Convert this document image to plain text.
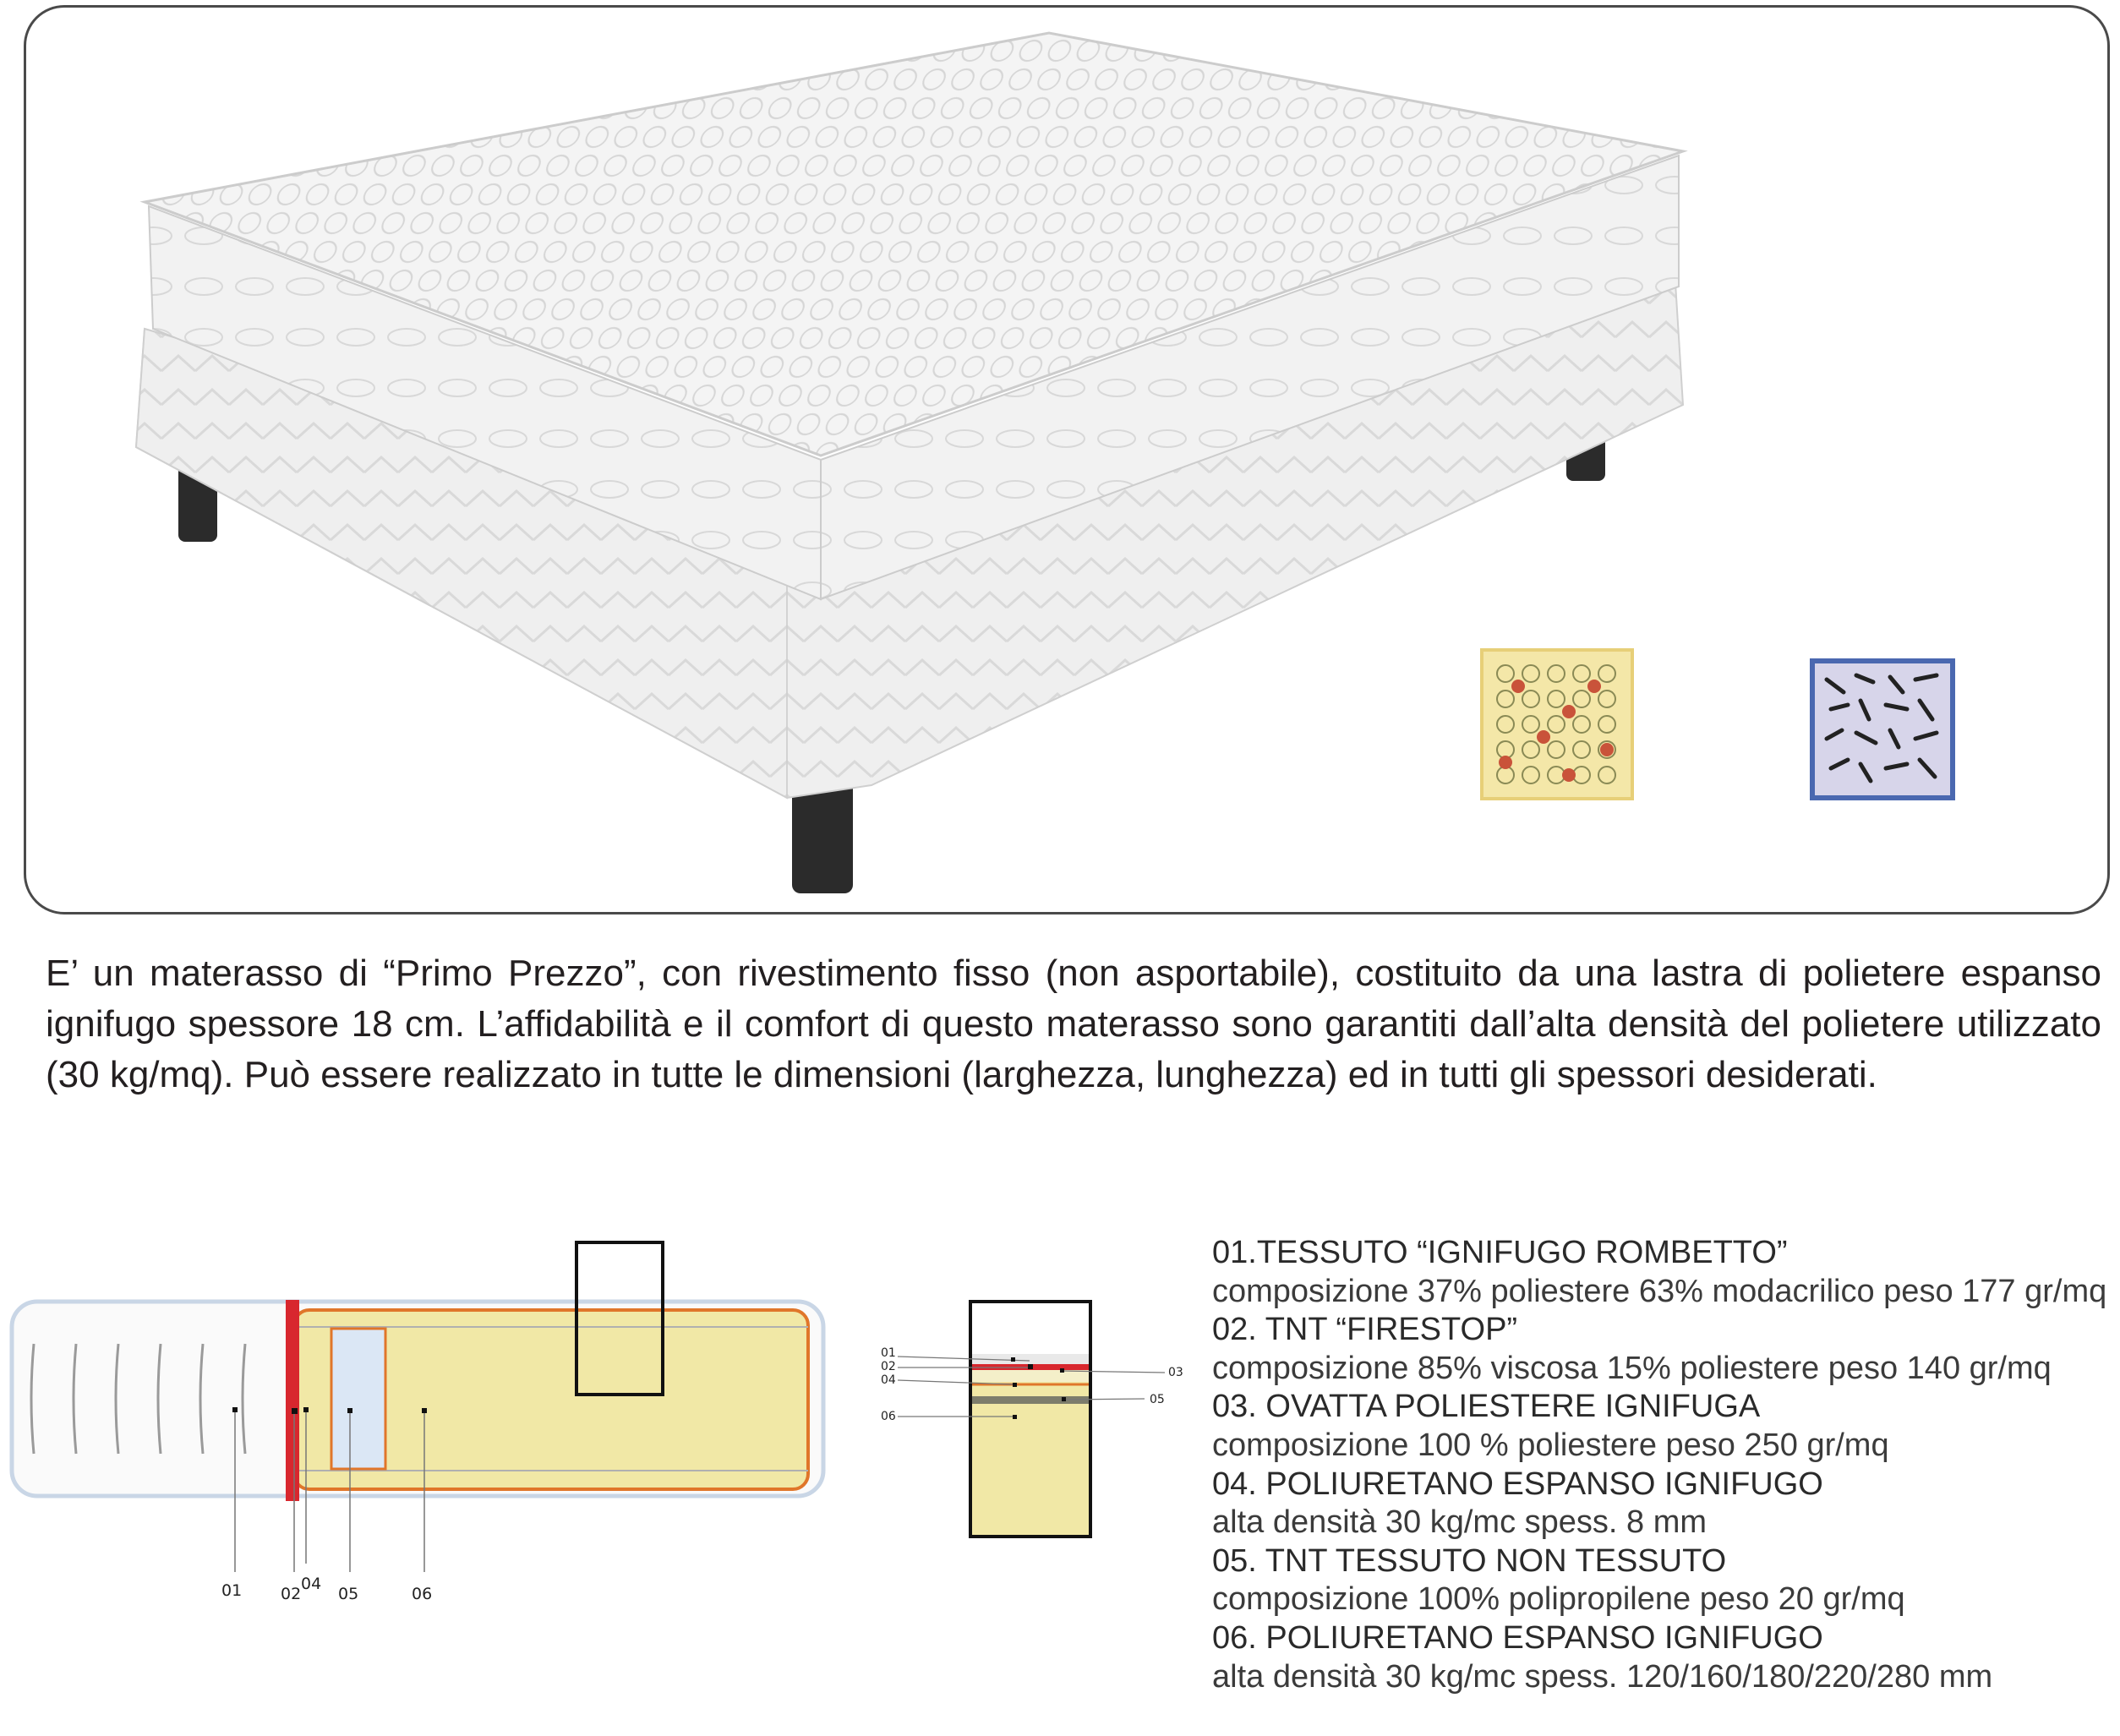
E’ un materasso di “Primo Prezzo”, con rivestimento fisso (non asportabile), costituito da una lastra di polietere espanso ignifugo spessore 18 cm. L’affidabilità e il comfort di questo materasso sono garantiti dall’alta densità del polietere utilizzato (30 kg/mq). Può essere realizzato in tutte le dimensioni (larghezza, lunghezza) ed in tutti gli spessori desiderati.
01 02
04
05	06
01
02
04
06
03
05
01.TESSUTO “IGNIFUGO ROMBETTO”
composizione 37% poliestere 63% modacrilico peso 177 gr/mq
02. TNT “FIRESTOP”
composizione 85% viscosa 15% poliestere peso 140 gr/mq
03. OVATTA POLIESTERE IGNIFUGA
composizione 100 % poliestere peso 250 gr/mq
04. POLIURETANO ESPANSO IGNIFUGO
alta densità 30 kg/mc spess. 8 mm
05. TNT TESSUTO NON TESSUTO
composizione 100% polipropilene peso 20 gr/mq
06. POLIURETANO ESPANSO IGNIFUGO
alta densità 30 kg/mc spess. 120/160/180/220/280 mm
